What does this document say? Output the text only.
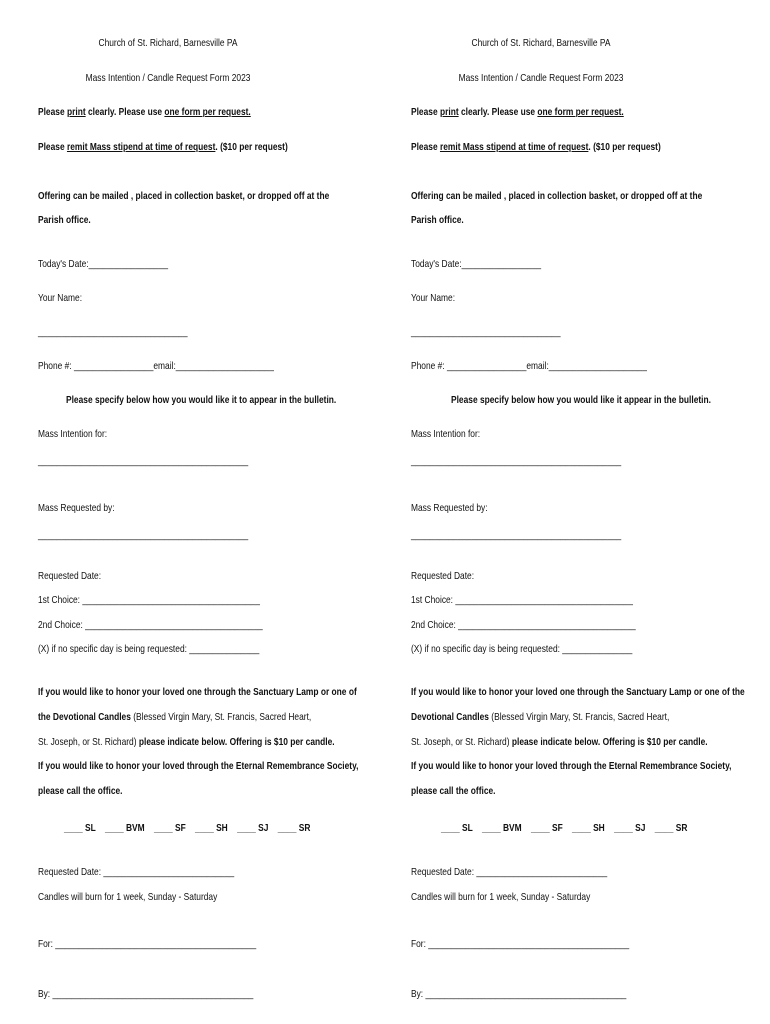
Church of St. Richard, Barnesville PA
Mass Intention / Candle Request Form 2023
Please print clearly. Please use one form per request.
Please remit Mass stipend at time of request. ($10 per request)
Offering can be mailed , placed in collection basket, or dropped off at the
Parish office.
Today's Date:_________________
Your Name:
________________________________
Phone #: _________________email:_____________________
Please specify below how you would like it to appear in the bulletin.
Mass Intention for:
_____________________________________________
Mass Requested by:
_____________________________________________
Requested Date:
1st Choice: ______________________________________
2nd Choice: ______________________________________
(X) if no specific day is being requested: _______________
If you would like to honor your loved one through the Sanctuary Lamp or one of
the Devotional Candles (Blessed Virgin Mary, St. Francis, Sacred Heart,
St. Joseph, or St. Richard) please indicate below. Offering is $10 per candle.
If you would like to honor your loved through the Eternal Remembrance Society,
please call the office.
____ SL    ____ BVM    ____ SF    ____ SH    ____ SJ    ____ SR
Requested Date: ____________________________
Candles will burn for 1 week, Sunday - Saturday
For: ___________________________________________
By: ___________________________________________
Church of St. Richard, Barnesville PA
Mass Intention / Candle Request Form 2023
Please print clearly. Please use one form per request.
Please remit Mass stipend at time of request. ($10 per request)
Offering can be mailed , placed in collection basket, or dropped off at the
Parish office.
Today's Date:_________________
Your Name:
________________________________
Phone #: _________________email:_____________________
Please specify below how you would like it appear in the bulletin.
Mass Intention for:
_____________________________________________
Mass Requested by:
_____________________________________________
Requested Date:
1st Choice: ______________________________________
2nd Choice: ______________________________________
(X) if no specific day is being requested: _______________
If you would like to honor your loved one through the Sanctuary Lamp or one of the
Devotional Candles (Blessed Virgin Mary, St. Francis, Sacred Heart,
St. Joseph, or St. Richard) please indicate below. Offering is $10 per candle.
If you would like to honor your loved through the Eternal Remembrance Society,
please call the office.
____ SL    ____ BVM    ____ SF    ____ SH    ____ SJ    ____ SR
Requested Date: ____________________________
Candles will burn for 1 week, Sunday - Saturday
For: ___________________________________________
By: ___________________________________________
